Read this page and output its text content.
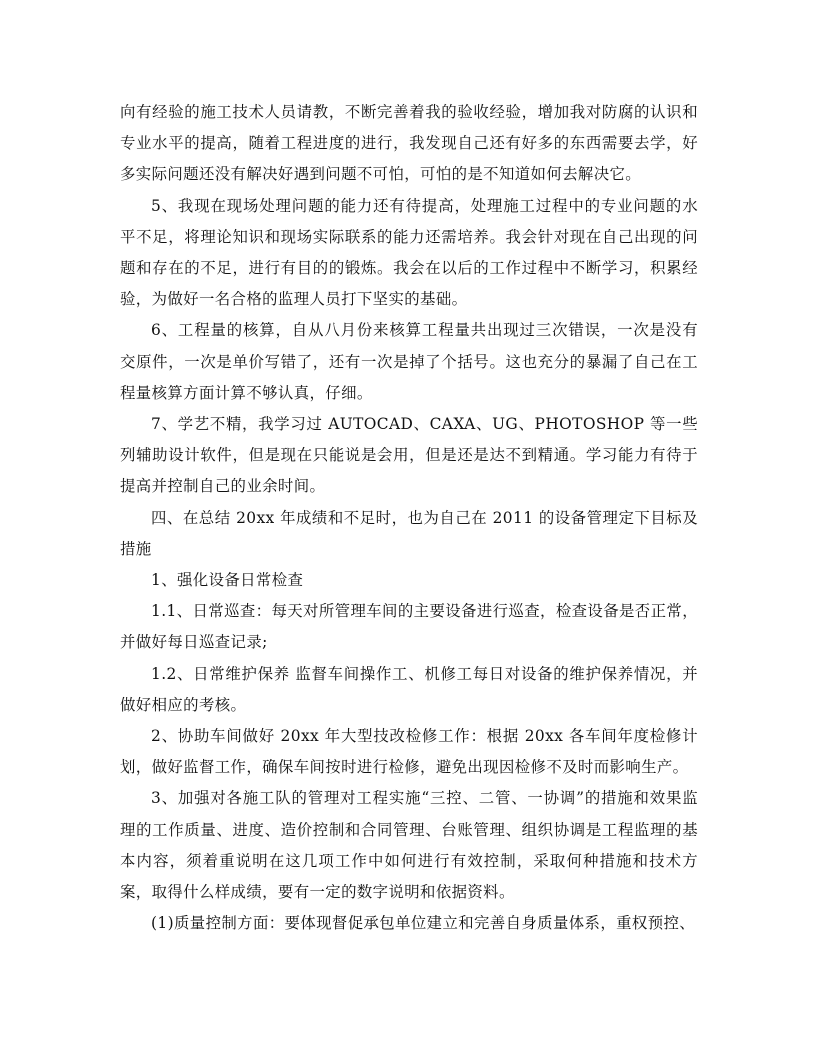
向有经验的施工技术人员请教，不断完善着我的验收经验，增加我对防腐的认识和专业水平的提高，随着工程进度的进行，我发现自己还有好多的东西需要去学，好多实际问题还没有解决好遇到问题不可怕，可怕的是不知道如何去解决它。

5、我现在现场处理问题的能力还有待提高，处理施工过程中的专业问题的水平不足，将理论知识和现场实际联系的能力还需培养。我会针对现在自己出现的问题和存在的不足，进行有目的的锻炼。我会在以后的工作过程中不断学习，积累经验，为做好一名合格的监理人员打下坚实的基础。

6、工程量的核算，自从八月份来核算工程量共出现过三次错误，一次是没有交原件，一次是单价写错了，还有一次是掉了个括号。这也充分的暴漏了自己在工程量核算方面计算不够认真，仔细。

7、学艺不精，我学习过 AUTOCAD、CAXA、UG、PHOTOSHOP 等一些列辅助设计软件，但是现在只能说是会用，但是还是达不到精通。学习能力有待于提高并控制自己的业余时间。

四、在总结 20xx 年成绩和不足时，也为自己在 2011 的设备管理定下目标及措施

1、强化设备日常检查

1.1、日常巡查：每天对所管理车间的主要设备进行巡查，检查设备是否正常，并做好每日巡查记录;

1.2、日常维护保养 监督车间操作工、机修工每日对设备的维护保养情况，并做好相应的考核。

2、协助车间做好 20xx 年大型技改检修工作：根据 20xx 各车间年度检修计划，做好监督工作，确保车间按时进行检修，避免出现因检修不及时而影响生产。

3、加强对各施工队的管理对工程实施“三控、二管、一协调”的措施和效果监理的工作质量、进度、造价控制和合同管理、台账管理、组织协调是工程监理的基本内容，须着重说明在这几项工作中如何进行有效控制，采取何种措施和技术方案，取得什么样成绩，要有一定的数字说明和依据资料。

(1)质量控制方面：要体现督促承包单位建立和完善自身质量体系，重权预控、
